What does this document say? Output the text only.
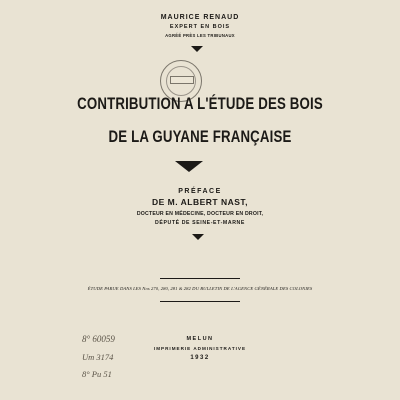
MAURICE RENAUD
EXPERT EN BOIS
AGRÉÉ PRÈS LES TRIBUNAUX
CONTRIBUTION A L'ÉTUDE DES BOIS
DE LA GUYANE FRANÇAISE
PRÉFACE
DE M. ALBERT NAST,
DOCTEUR EN MÉDECINE, DOCTEUR EN DROIT,
DÉPUTÉ DE SEINE-ET-MARNE
ÉTUDE PARUE DANS LES Nos 270, 280, 281 & 282 DU BULLETIN DE L'AGENCE GÉNÉRALE DES COLONIES
8° 60059
Um 3174
8° Pu 51
MELUN
IMPRIMERIE ADMINISTRATIVE
1932
